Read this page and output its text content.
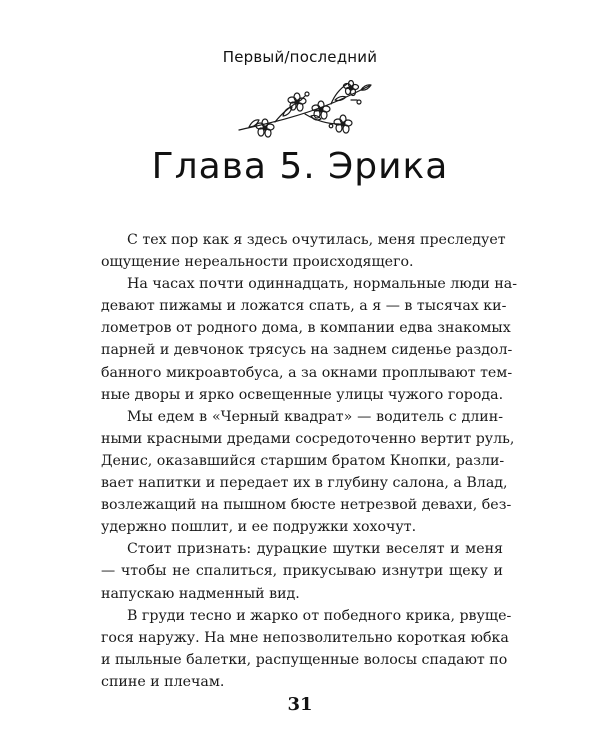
Первый/последний
Глава 5. Эрика
С тех пор как я здесь очутилась, меня преследует
ощущение нереальности происходящего.
На часах почти одиннадцать, нормальные люди на-
девают пижамы и ложатся спать, а я — в тысячах ки-
лометров от родного дома, в компании едва знакомых
парней и девчонок трясусь на заднем сиденье раздол-
банного микроавтобуса, а за окнами проплывают тем-
ные дворы и ярко освещенные улицы чужого города.
Мы едем в «Черный квадрат» — водитель с длин-
ными красными дредами сосредоточенно вертит руль,
Денис, оказавшийся старшим братом Кнопки, разли-
вает напитки и передает их в глубину салона, а Влад,
возлежащий на пышном бюсте нетрезвой девахи, без-
удержно пошлит, и ее подружки хохочут.
Стоит признать: дурацкие шутки веселят и меня
— чтобы не спалиться, прикусываю изнутри щеку и
напускаю надменный вид.
В груди тесно и жарко от победного крика, рвуще-
гося наружу. На мне непозволительно короткая юбка
и пыльные балетки, распущенные волосы спадают по
спине и плечам.
31
